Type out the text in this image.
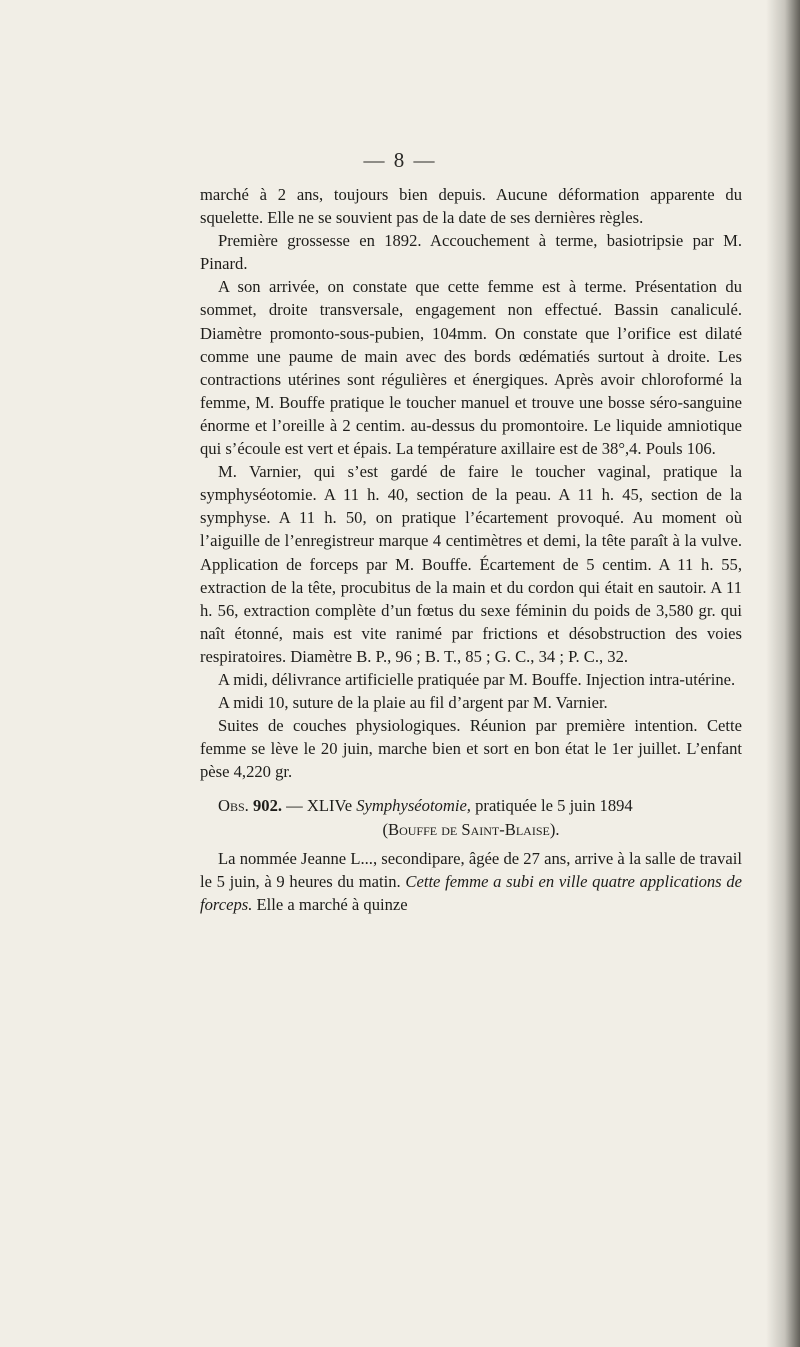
— 8 —

marché à 2 ans, toujours bien depuis. Aucune déformation apparente du squelette. Elle ne se souvient pas de la date de ses dernières règles.

Première grossesse en 1892. Accouchement à terme, basiotripsie par M. Pinard.

A son arrivée, on constate que cette femme est à terme. Présentation du sommet, droite transversale, engagement non effectué. Bassin canaliculé. Diamètre promonto-sous-pubien, 104mm. On constate que l’orifice est dilaté comme une paume de main avec des bords œdématiés surtout à droite. Les contractions utérines sont régulières et énergiques. Après avoir chloroformé la femme, M. Bouffe pratique le toucher manuel et trouve une bosse séro-sanguine énorme et l’oreille à 2 centim. au-dessus du promontoire. Le liquide amniotique qui s’écoule est vert et épais. La température axillaire est de 38°,4. Pouls 106.

M. Varnier, qui s’est gardé de faire le toucher vaginal, pratique la symphyséotomie. A 11 h. 40, section de la peau. A 11 h. 45, section de la symphyse. A 11 h. 50, on pratique l’écartement provoqué. Au moment où l’aiguille de l’enregistreur marque 4 centimètres et demi, la tête paraît à la vulve. Application de forceps par M. Bouffe. Écartement de 5 centim. A 11 h. 55, extraction de la tête, procubitus de la main et du cordon qui était en sautoir. A 11 h. 56, extraction complète d’un fœtus du sexe féminin du poids de 3,580 gr. qui naît étonné, mais est vite ranimé par frictions et désobstruction des voies respiratoires. Diamètre B. P., 96 ; B. T., 85 ; G. C., 34 ; P. C., 32.

A midi, délivrance artificielle pratiquée par M. Bouffe. Injection intra-utérine.

A midi 10, suture de la plaie au fil d’argent par M. Varnier.

Suites de couches physiologiques. Réunion par première intention. Cette femme se lève le 20 juin, marche bien et sort en bon état le 1er juillet. L’enfant pèse 4,220 gr.

Obs. 902. — XLIVe Symphyséotomie, pratiquée le 5 juin 1894

(Bouffe de Saint-Blaise).

La nommée Jeanne L..., secondipare, âgée de 27 ans, arrive à la salle de travail le 5 juin, à 9 heures du matin. Cette femme a subi en ville quatre applications de forceps. Elle a marché à quinze
